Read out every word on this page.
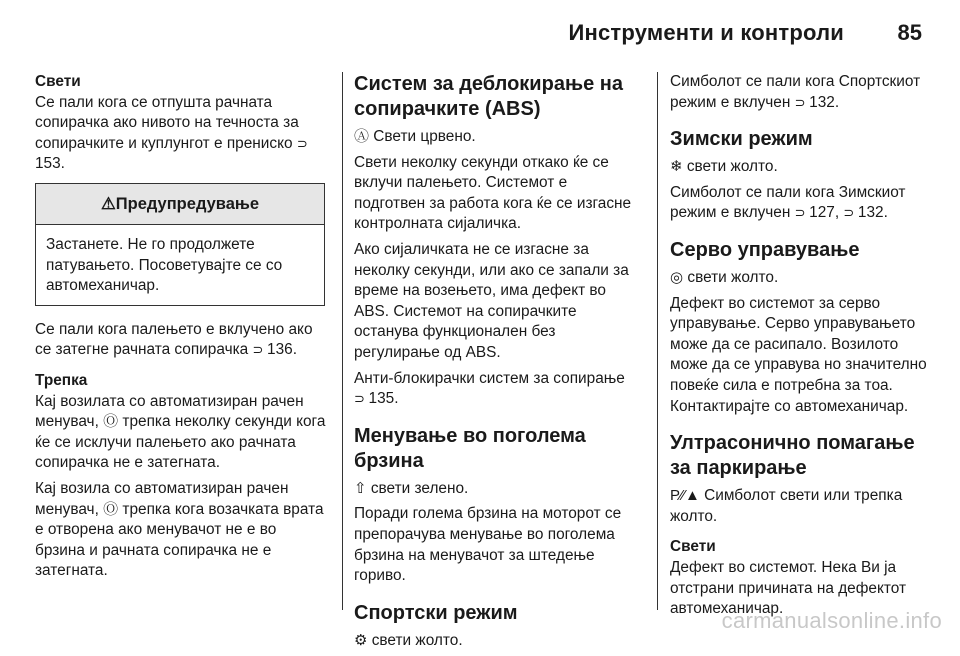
Инструменти и контроли 85
Свети

Се пали кога се отпушта рачната сопирачка ако нивото на течноста за сопирачките и куплунгот е прениско ⊃ 153.

⚠Предупредување

Застанете. Не го продолжете патувањето. Посоветувајте се со автомеханичар.

Се пали кога палењето е вклучено ако се затегне рачната сопирачка ⊃ 136.

Трепка

Кај возилата со автоматизиран рачен менувач, Ⓞ трепка неколку секунди кога ќе се исклучи палењето ако рачната сопирачка не е затегната.

Кај возила со автоматизиран рачен менувач, Ⓞ трепка кога возачката врата е отворена ако менувачот не е во брзина и рачната сопирачка не е затегната.

Систем за деблокирање на сопирачките (ABS)

Ⓐ Свети црвено.

Свети неколку секунди откако ќе се вклучи палењето. Системот е подготвен за работа кога ќе се изгасне контролната сијаличка.

Ако сијаличката не се изгасне за неколку секунди, или ако се запали за време на возењето, има дефект во ABS. Системот на сопирачките останува функционален без регулирање од ABS.

Анти-блокирачки систем за сопирање ⊃ 135.

Менување во поголема брзина

⇧ свети зелено.

Поради голема брзина на моторот се препорачува менување во поголема брзина на менувачот за штедење гориво.

Спортски режим

⚙ свети жолто.

Симболот се пали кога Спортскиот режим е вклучен ⊃ 132.

Зимски режим

❄ свети жолто.

Симболот се пали кога Зимскиот режим е вклучен ⊃ 127, ⊃ 132.

Серво управување

◎ свети жолто.

Дефект во системот за серво управување. Серво управувањето може да се расипало. Возилото може да се управува но значително повеќе сила е потребна за тоа. Контактирајте со автомеханичар.

Ултрасонично помагање за паркирање

P⁄⁄▲ Симболот свети или трепка жолто.

Свети

Дефект во системот. Нека Ви ја отстрани причината на дефектот автомеханичар.

carmanualsonline.info
